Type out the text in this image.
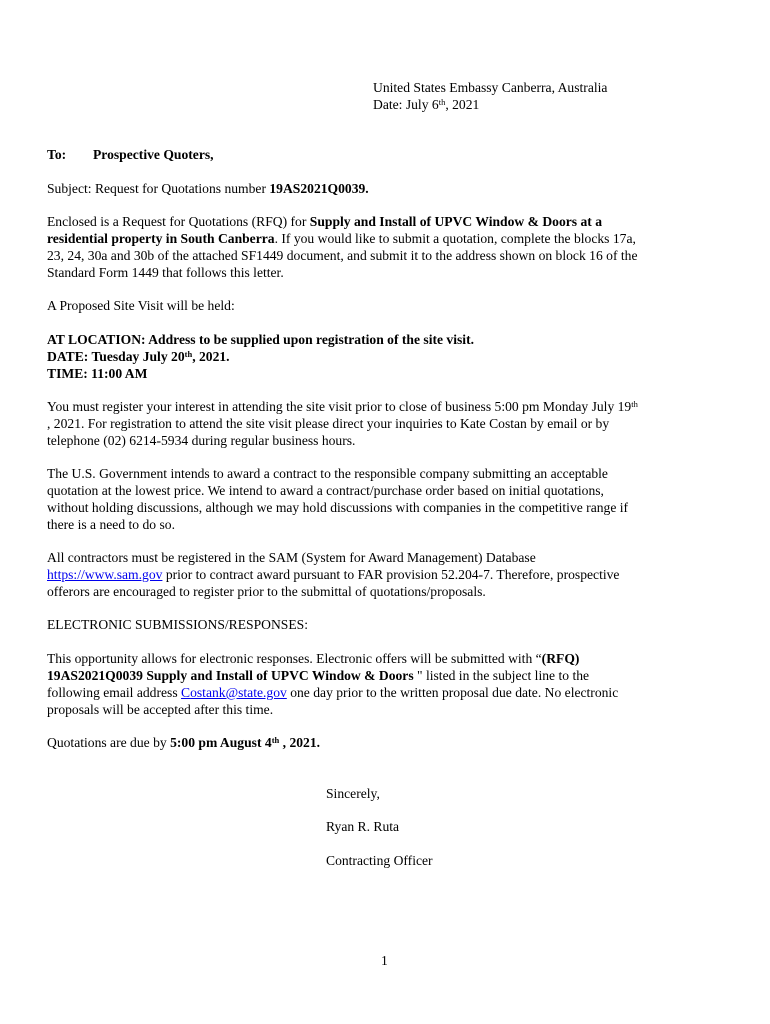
United States Embassy Canberra, Australia
Date: July 6th, 2021
To: Prospective Quoters,
Subject: Request for Quotations number 19AS2021Q0039.
Enclosed is a Request for Quotations (RFQ) for Supply and Install of UPVC Window & Doors at a
residential property in South Canberra. If you would like to submit a quotation, complete the blocks 17a,
23, 24, 30a and 30b of the attached SF1449 document, and submit it to the address shown on block 16 of the
Standard Form 1449 that follows this letter.
A Proposed Site Visit will be held:
AT LOCATION: Address to be supplied upon registration of the site visit.
DATE: Tuesday July 20th, 2021.
TIME: 11:00 AM
You must register your interest in attending the site visit prior to close of business 5:00 pm Monday July 19th
, 2021. For registration to attend the site visit please direct your inquiries to Kate Costan by email or by
telephone (02) 6214-5934 during regular business hours.
The U.S. Government intends to award a contract to the responsible company submitting an acceptable
quotation at the lowest price. We intend to award a contract/purchase order based on initial quotations,
without holding discussions, although we may hold discussions with companies in the competitive range if
there is a need to do so.
All contractors must be registered in the SAM (System for Award Management) Database
https://www.sam.gov prior to contract award pursuant to FAR provision 52.204-7. Therefore, prospective
offerors are encouraged to register prior to the submittal of quotations/proposals.
ELECTRONIC SUBMISSIONS/RESPONSES:
This opportunity allows for electronic responses. Electronic offers will be submitted with “(RFQ)
19AS2021Q0039 Supply and Install of UPVC Window & Doors " listed in the subject line to the
following email address Costank@state.gov one day prior to the written proposal due date. No electronic
proposals will be accepted after this time.
Quotations are due by 5:00 pm August 4th , 2021.
Sincerely,
Ryan R. Ruta
Contracting Officer
1
